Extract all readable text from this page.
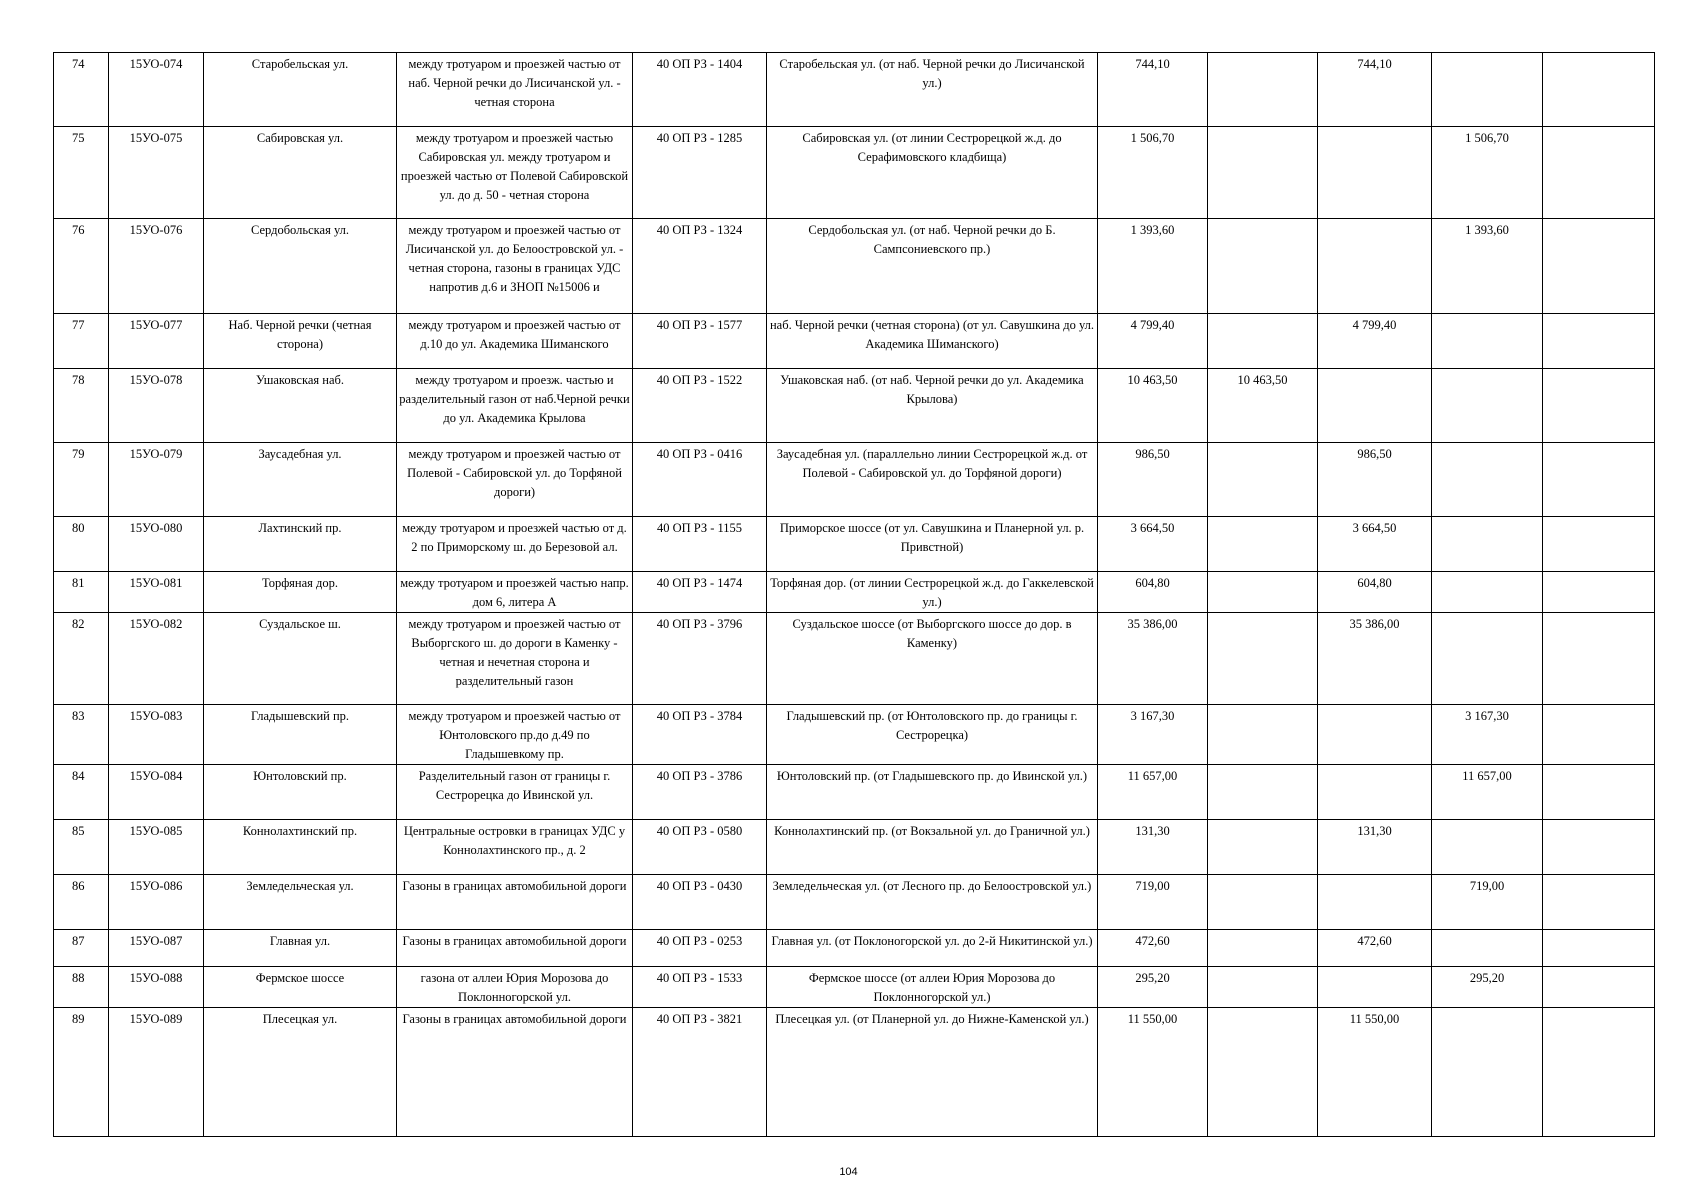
74	15УО-074	Старобельская ул.	между тротуаром и проезжей частью от наб. Черной речки до Лисичанской ул. - четная сторона	40 ОП РЗ - 1404	Старобельская ул. (от наб. Черной речки до Лисичанской ул.)	744,10		744,10		
75	15УО-075	Сабировская ул.	между тротуаром и проезжей частью Сабировская ул. между тротуаром и проезжей частью от Полевой Сабировской ул. до д. 50 - четная сторона	40 ОП РЗ - 1285	Сабировская ул. (от линии Сестрорецкой ж.д. до Серафимовского кладбища)	1 506,70			1 506,70	
76	15УО-076	Сердобольская ул.	между тротуаром и проезжей частью от Лисичанской ул. до Белоостровской ул. - четная сторона, газоны в границах УДС напротив д.6 и ЗНОП №15006 и	40 ОП РЗ - 1324	Сердобольская ул. (от наб. Черной речки до Б. Сампсониевского пр.)	1 393,60			1 393,60	
77	15УО-077	Наб. Черной речки (четная сторона)	между тротуаром и проезжей частью от д.10 до ул. Академика Шиманского	40 ОП РЗ - 1577	наб. Черной речки (четная сторона) (от ул. Савушкина до ул. Академика Шиманского)	4 799,40		4 799,40		
78	15УО-078	Ушаковская наб.	между тротуаром и проезж. частью и разделительный газон от наб.Черной речки до ул. Академика Крылова	40 ОП РЗ - 1522	Ушаковская наб. (от наб. Черной речки до ул. Академика Крылова)	10 463,50	10 463,50			
79	15УО-079	Заусадебная ул.	между тротуаром и проезжей частью от Полевой - Сабировской ул. до Торфяной дороги)	40 ОП РЗ - 0416	Заусадебная ул. (параллельно линии Сестрорецкой ж.д. от Полевой - Сабировской ул. до Торфяной дороги)	986,50		986,50		
80	15УО-080	Лахтинский пр.	между тротуаром и проезжей частью от д. 2 по Приморскому ш. до Березовой ал.	40 ОП РЗ - 1155	Приморское шоссе (от ул. Савушкина и Планерной ул. р. Привстной)	3 664,50		3 664,50		
81	15УО-081	Торфяная дор.	между тротуаром и проезжей частью напр. дом 6, литера А	40 ОП РЗ - 1474	Торфяная дор. (от линии Сестрорецкой ж.д. до Гаккелевской ул.)	604,80		604,80		
82	15УО-082	Суздальское ш.	между тротуаром и проезжей частью от Выборгского ш. до дороги в Каменку - четная и нечетная сторона и разделительный газон	40 ОП РЗ - 3796	Суздальское шоссе (от Выборгского шоссе до дор. в Каменку)	35 386,00		35 386,00		
83	15УО-083	Гладышевский пр.	между тротуаром и проезжей частью от Юнтоловского пр.до д.49 по Гладышевкому пр.	40 ОП РЗ - 3784	Гладышевский пр. (от Юнтоловского пр. до границы г. Сестрорецка)	3 167,30			3 167,30	
84	15УО-084	Юнтоловский пр.	Разделительный газон от границы г. Сестрорецка до Ивинской ул.	40 ОП РЗ - 3786	Юнтоловский пр. (от Гладышевского пр. до Ивинской ул.)	11 657,00			11 657,00	
85	15УО-085	Коннолахтинский пр.	Центральные островки в границах УДС у Коннолахтинского пр., д. 2	40 ОП РЗ - 0580	Коннолахтинский пр. (от Вокзальной ул. до Граничной ул.)	131,30		131,30		
86	15УО-086	Земледельческая ул.	Газоны в границах автомобильной дороги	40 ОП РЗ - 0430	Земледельческая ул. (от Лесного пр. до Белоостровской ул.)	719,00			719,00	
87	15УО-087	Главная ул.	Газоны в границах автомобильной дороги	40 ОП РЗ - 0253	Главная ул. (от Поклоногорской ул. до 2-й Никитинской ул.)	472,60		472,60		
88	15УО-088	Фермское шоссе	газона от аллеи Юрия Морозова до Поклонногорской ул.	40 ОП РЗ - 1533	Фермское шоссе (от аллеи Юрия Морозова до Поклонногорской ул.)	295,20			295,20	
89	15УО-089	Плесецкая ул.	Газоны в границах автомобильной дороги	40 ОП РЗ - 3821	Плесецкая ул. (от Планерной ул. до Нижне-Каменской ул.)	11 550,00		11 550,00		
104
